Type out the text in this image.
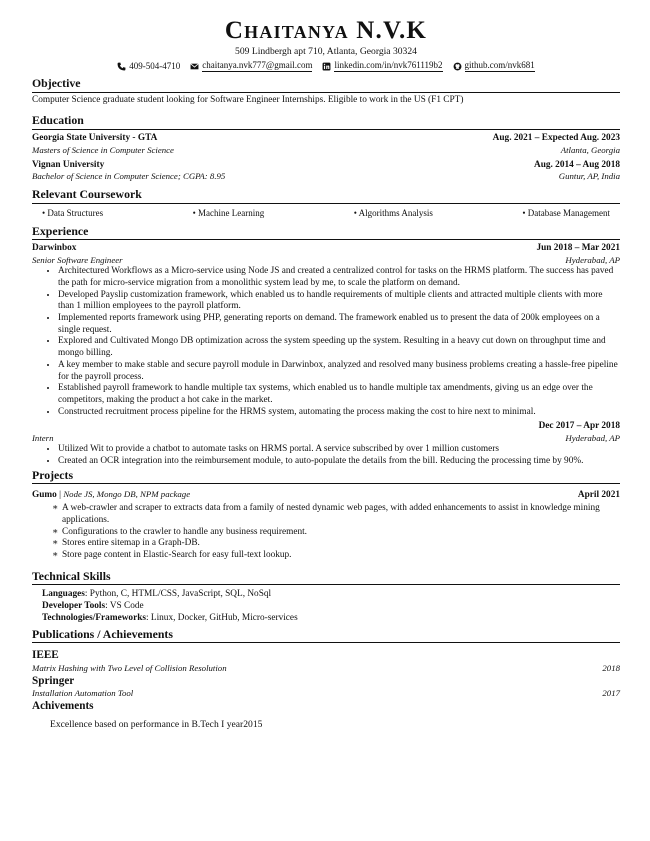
Chaitanya N.V.K
509 Lindbergh apt 710, Atlanta, Georgia 30324
409-504-4710 chaitanya.nvk777@gmail.com linkedin.com/in/nvk761119b2 github.com/nvk681
Objective
Computer Science graduate student looking for Software Engineer Internships. Eligible to work in the US (F1 CPT)
Education
Georgia State University - GTA	Aug. 2021 – Expected Aug. 2023
Masters of Science in Computer Science	Atlanta, Georgia
Vignan University	Aug. 2014 – Aug 2018
Bachelor of Science in Computer Science; CGPA: 8.95	Guntur, AP, India
Relevant Coursework
• Data Structures	• Machine Learning	• Algorithms Analysis	• Database Management
Experience
Darwinbox	Jun 2018 – Mar 2021
Senior Software Engineer	Hyderabad, AP
• Architectured Workflows as a Micro-service using Node JS and created a centralized control for tasks on the HRMS platform. The success has paved the path for micro-service migration from a monolithic system lead by me, to scale the platform on demand.
• Developed Payslip customization framework, which enabled us to handle requirements of multiple clients and attracted multiple clients with more than 1 million employees to the payroll platform.
• Implemented reports framework using PHP, generating reports on demand. The framework enabled us to present the data of 200k employees on a single request.
• Explored and Cultivated Mongo DB optimization across the system speeding up the system. Resulting in a heavy cut down on throughput time and mongo billing.
• A key member to make stable and secure payroll module in Darwinbox, analyzed and resolved many business problems creating a hassle-free pipeline for the payroll process.
• Established payroll framework to handle multiple tax systems, which enabled us to handle multiple tax amendments, giving us an edge over the competitors, making the product a hot cake in the market.
• Constructed recruitment process pipeline for the HRMS system, automating the process making the cost to hire next to minimal.
Dec 2017 – Apr 2018
Intern	Hyderabad, AP
• Utilized Wit to provide a chatbot to automate tasks on HRMS portal. A service subscribed by over 1 million customers
• Created an OCR integration into the reimbursement module, to auto-populate the details from the bill. Reducing the processing time by 90%.
Projects
Gumo | Node JS, Mongo DB, NPM package	April 2021
∗ A web-crawler and scraper to extracts data from a family of nested dynamic web pages, with added enhancements to assist in knowledge mining applications.
∗ Configurations to the crawler to handle any business requirement.
∗ Stores entire sitemap in a Graph-DB.
∗ Store page content in Elastic-Search for easy full-text lookup.
Technical Skills
Languages: Python, C, HTML/CSS, JavaScript, SQL, NoSql
Developer Tools: VS Code
Technologies/Frameworks: Linux, Docker, GitHub, Micro-services
Publications / Achievements
IEEE
Matrix Hashing with Two Level of Collision Resolution	2018
Springer
Installation Automation Tool	2017
Achivements
Excellence based on performance in B.Tech I year2015
